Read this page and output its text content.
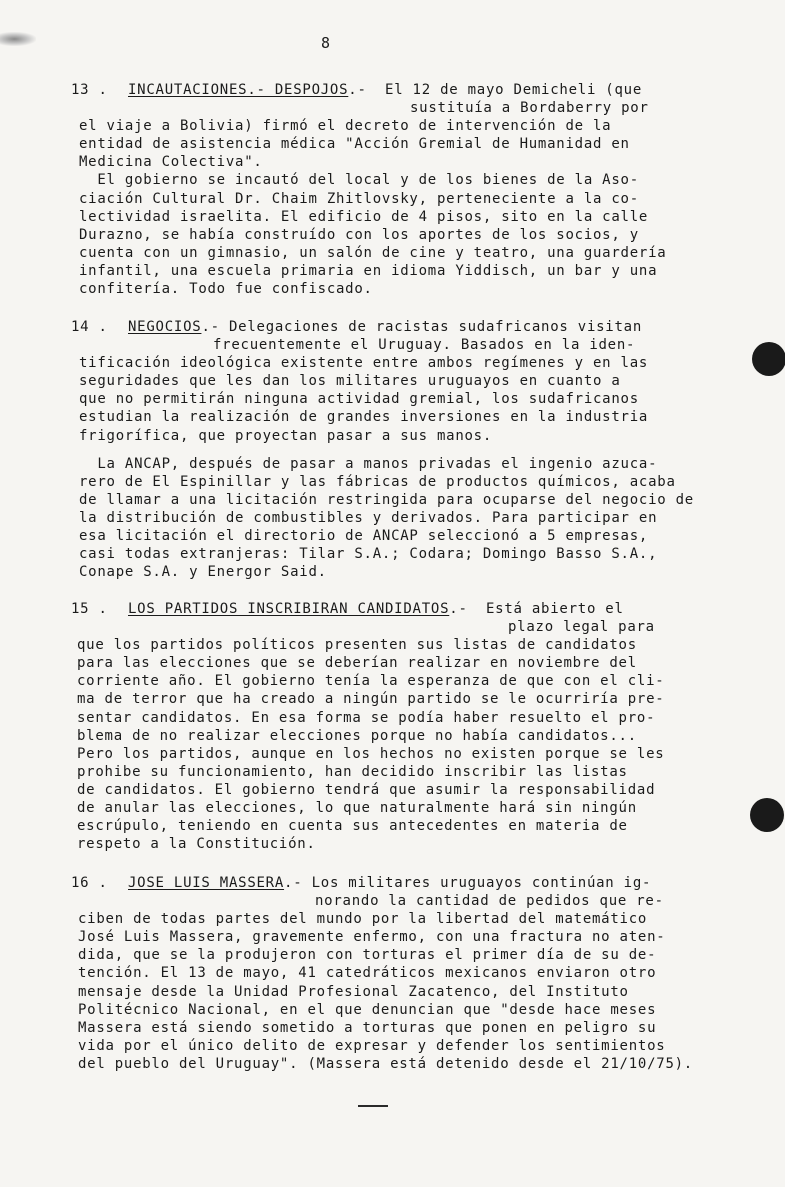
8
13 . INCAUTACIONES.- DESPOJOS.-  El 12 de mayo Demicheli (que
sustituía a Bordaberry por
el viaje a Bolivia) firmó el decreto de intervención de la
entidad de asistencia médica "Acción Gremial de Humanidad en
Medicina Colectiva".
El gobierno se incautó del local y de los bienes de la Aso-
ciación Cultural Dr. Chaim Zhitlovsky, perteneciente a la co-
lectividad israelita. El edificio de 4 pisos, sito en la calle
Durazno, se había construído con los aportes de los socios, y
cuenta con un gimnasio, un salón de cine y teatro, una guardería
infantil, una escuela primaria en idioma Yiddisch, un bar y una
confitería. Todo fue confiscado.
14 . NEGOCIOS.- Delegaciones de racistas sudafricanos visitan
frecuentemente el Uruguay. Basados en la iden-
tificación ideológica existente entre ambos regímenes y en las
seguridades que les dan los militares uruguayos en cuanto a
que no permitirán ninguna actividad gremial, los sudafricanos
estudian la realización de grandes inversiones en la industria
frigorífica, que proyectan pasar a sus manos.
La ANCAP, después de pasar a manos privadas el ingenio azuca-
rero de El Espinillar y las fábricas de productos químicos, acaba
de llamar a una licitación restringida para ocuparse del negocio de
la distribución de combustibles y derivados. Para participar en
esa licitación el directorio de ANCAP seleccionó a 5 empresas,
casi todas extranjeras: Tilar S.A.; Codara; Domingo Basso S.A.,
Conape S.A. y Energor Said.
15 . LOS PARTIDOS INSCRIBIRAN CANDIDATOS.-  Está abierto el
plazo legal para
que los partidos políticos presenten sus listas de candidatos
para las elecciones que se deberían realizar en noviembre del
corriente año. El gobierno tenía la esperanza de que con el cli-
ma de terror que ha creado a ningún partido se le ocurriría pre-
sentar candidatos. En esa forma se podía haber resuelto el pro-
blema de no realizar elecciones porque no había candidatos...
Pero los partidos, aunque en los hechos no existen porque se les
prohibe su funcionamiento, han decidido inscribir las listas
de candidatos. El gobierno tendrá que asumir la responsabilidad
de anular las elecciones, lo que naturalmente hará sin ningún
escrúpulo, teniendo en cuenta sus antecedentes en materia de
respeto a la Constitución.
16 . JOSE LUIS MASSERA.- Los militares uruguayos continúan ig-
norando la cantidad de pedidos que re-
ciben de todas partes del mundo por la libertad del matemático
José Luis Massera, gravemente enfermo, con una fractura no aten-
dida, que se la produjeron con torturas el primer día de su de-
tención. El 13 de mayo, 41 catedráticos mexicanos enviaron otro
mensaje desde la Unidad Profesional Zacatenco, del Instituto
Politécnico Nacional, en el que denuncian que "desde hace meses
Massera está siendo sometido a torturas que ponen en peligro su
vida por el único delito de expresar y defender los sentimientos
del pueblo del Uruguay". (Massera está detenido desde el 21/10/75).
